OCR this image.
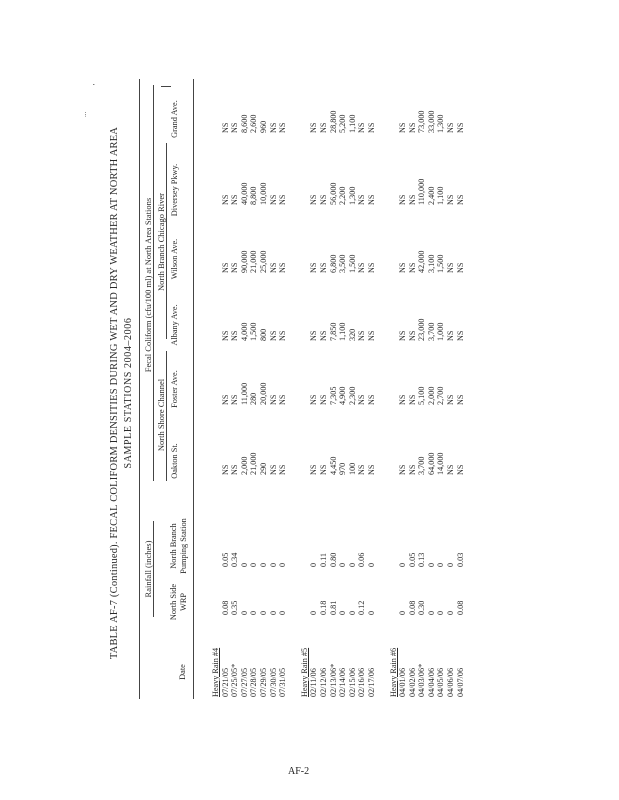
...
'
TABLE AF-7 (Continued). FECAL COLIFORM DENSITIES DURING WET AND DRY WEATHER AT NORTH AREA SAMPLE STATIONS 2004–2006
Rainfall (inches)
Fecal Coliform (cfu/100 ml) at North Area Stations
North Shore Channel
North Branch Chicago River
Date
North Side WRP
North Branch Pumping Station
Oakton St.
Foster Ave.
Albany Ave.
Wilson Ave.
Diversey Pkwy.
Grand Ave.
Heavy Rain #4 07/21/05
0.08
0.05
NS
NS
NS
NS
NS
NS
07/25/05*
0.35
0.34
NS
NS
NS
NS
NS
NS
07/27/05
0
0
2,000
11,000
4,000
90,000
40,000
8,600
07/28/05
0
0
21,000
280
1,500
21,000
8,800
2,600
07/29/05
0
0
290
20,000
800
25,000
10,000
960
07/30/05
0
0
NS
NS
NS
NS
NS
NS
07/31/05
0
0
NS
NS
NS
NS
NS
NS
Heavy Rain #5 02/11/06
0
0
NS
NS
NS
NS
NS
NS
02/12/06
0.18
0.11
NS
NS
NS
NS
NS
NS
02/13/06*
0.81
0.80
4,450
7,305
7,850
6,800
56,000
28,800
02/14/06
0
0
970
4,900
1,100
3,500
2,200
5,200
02/15/06
0
0
100
2,300
320
1,500
1,300
1,100
02/16/06
0.12
0.06
NS
NS
NS
NS
NS
NS
02/17/06
0
0
NS
NS
NS
NS
NS
NS
Heavy Rain #6 04/01/06
0
0
NS
NS
NS
NS
NS
NS
04/02/06
0.08
0.05
NS
NS
NS
NS
NS
NS
04/03/06*
0.30
0.13
3,700
5,100
23,000
42,000
110,000
73,000
04/04/06
0
0
64,000
2,000
3,700
3,100
2,400
33,000
04/05/06
0
0
14,000
2,700
1,000
1,500
1,100
1,300
04/06/06
0
0
NS
NS
NS
NS
NS
NS
04/07/06
0.08
0.03
NS
NS
NS
NS
NS
NS
AF-2
